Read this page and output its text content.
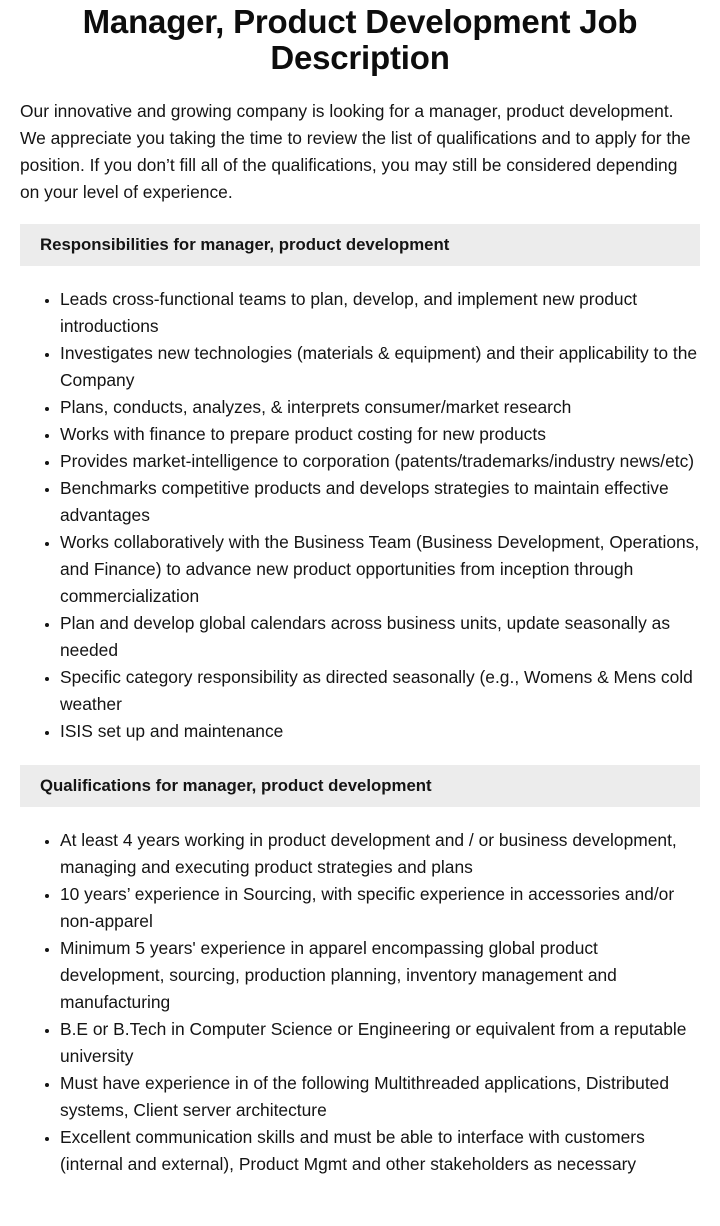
Manager, Product Development Job Description

Our innovative and growing company is looking for a manager, product development. We appreciate you taking the time to review the list of qualifications and to apply for the position. If you don’t fill all of the qualifications, you may still be considered depending on your level of experience.

Responsibilities for manager, product development
• Leads cross-functional teams to plan, develop, and implement new product introductions
• Investigates new technologies (materials & equipment) and their applicability to the Company
• Plans, conducts, analyzes, & interprets consumer/market research
• Works with finance to prepare product costing for new products
• Provides market-intelligence to corporation (patents/trademarks/industry news/etc)
• Benchmarks competitive products and develops strategies to maintain effective advantages
• Works collaboratively with the Business Team (Business Development, Operations, and Finance) to advance new product opportunities from inception through commercialization
• Plan and develop global calendars across business units, update seasonally as needed
• Specific category responsibility as directed seasonally (e.g., Womens & Mens cold weather
• ISIS set up and maintenance
Qualifications for manager, product development
• At least 4 years working in product development and / or business development, managing and executing product strategies and plans
• 10 years’ experience in Sourcing, with specific experience in accessories and/or non-apparel
• Minimum 5 years' experience in apparel encompassing global product development, sourcing, production planning, inventory management and manufacturing
• B.E or B.Tech in Computer Science or Engineering or equivalent from a reputable university
• Must have experience in of the following Multithreaded applications, Distributed systems, Client server architecture
• Excellent communication skills and must be able to interface with customers (internal and external), Product Mgmt and other stakeholders as necessary
